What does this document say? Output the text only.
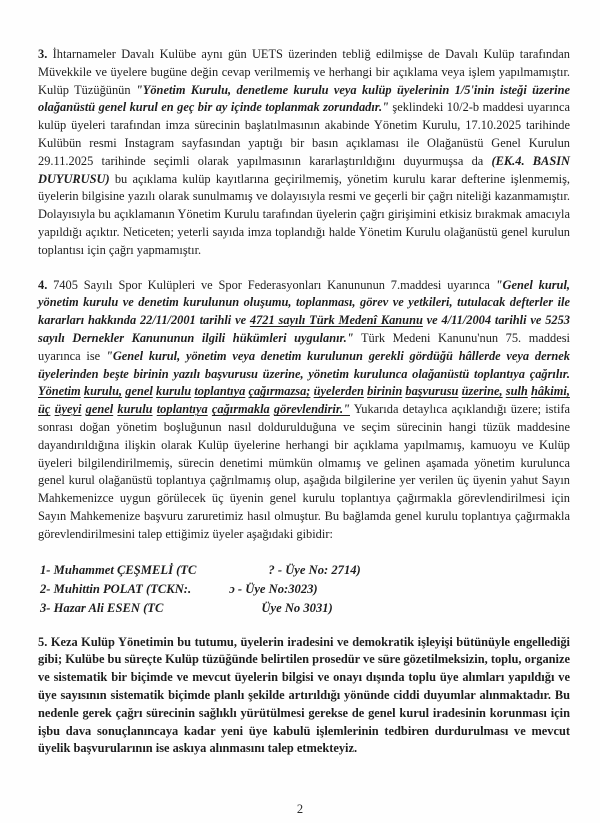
3. İhtarnameler Davalı Kulübe aynı gün UETS üzerinden tebliğ edilmişse de Davalı Kulüp tarafından Müvekkile ve üyelere bugüne değin cevap verilmemiş ve herhangi bir açıklama veya işlem yapılmamıştır. Kulüp Tüzüğünün "Yönetim Kurulu, denetleme kurulu veya kulüp üyelerinin 1/5'inin isteği üzerine olağanüstü genel kurul en geç bir ay içinde toplanmak zorundadır." şeklindeki 10/2-b maddesi uyarınca kulüp üyeleri tarafından imza sürecinin başlatılmasının akabinde Yönetim Kurulu, 17.10.2025 tarihinde Kulübün resmi Instagram sayfasından yaptığı bir basın açıklaması ile Olağanüstü Genel Kurulun 29.11.2025 tarihinde seçimli olarak yapılmasının kararlaştırıldığını duyurmuşsa da (EK.4. BASIN DUYURUSU) bu açıklama kulüp kayıtlarına geçirilmemiş, yönetim kurulu karar defterine işlenmemiş, üyelerin bilgisine yazılı olarak sunulmamış ve dolayısıyla resmi ve geçerli bir çağrı niteliği kazanmamıştır. Dolayısıyla bu açıklamanın Yönetim Kurulu tarafından üyelerin çağrı girişimini etkisiz bırakmak amacıyla yapıldığı açıktır. Neticeten; yeterli sayıda imza toplandığı halde Yönetim Kurulu olağanüstü genel kurulun toplantısı için çağrı yapmamıştır.

4. 7405 Sayılı Spor Kulüpleri ve Spor Federasyonları Kanununun 7.maddesi uyarınca "Genel kurul, yönetim kurulu ve denetim kurulunun oluşumu, toplanması, görev ve yetkileri, tutulacak defterler ile kararları hakkında 22/11/2001 tarihli ve 4721 sayılı Türk Medenî Kanunu ve 4/11/2004 tarihli ve 5253 sayılı Dernekler Kanununun ilgili hükümleri uygulanır." Türk Medeni Kanunu'nun 75. maddesi uyarınca ise "Genel kurul, yönetim veya denetim kurulunun gerekli gördüğü hâllerde veya dernek üyelerinden beşte birinin yazılı başvurusu üzerine, yönetim kurulunca olağanüstü toplantıya çağrılır. Yönetim kurulu, genel kurulu toplantıya çağırmazsa; üyelerden birinin başvurusu üzerine, sulh hâkimi, üç üyeyi genel kurulu toplantıya çağırmakla görevlendirir." Yukarıda detaylıca açıklandığı üzere; istifa sonrası doğan yönetim boşluğunun nasıl doldurulduğuna ve seçim sürecinin hangi tüzük maddesine dayandırıldığına ilişkin olarak Kulüp üyelerine herhangi bir açıklama yapılmamış, kamuoyu ve Kulüp üyeleri bilgilendirilmemiş, sürecin denetimi mümkün olmamış ve gelinen aşamada yönetim kurulunca genel kurul olağanüstü toplantıya çağrılmamış olup, aşağıda bilgilerine yer verilen üç üyenin yahut Sayın Mahkemenizce uygun görülecek üç üyenin genel kurulu toplantıya çağırmakla görevlendirilmesi için Sayın Mahkemenize başvuru zaruretimiz hasıl olmuştur. Bu bağlamda genel kurulu toplantıya çağırmakla görevlendirilmesini talep ettiğimiz üyeler aşağıdaki gibidir:

1- Muhammet ÇEŞMELİ (TC	? - Üye No: 2714)
2- Muhittin POLAT (TCKN:.	ɔ - Üye No:3023)
3- Hazar Ali ESEN (TC	Üye No 3031)

5. Keza Kulüp Yönetimin bu tutumu, üyelerin iradesini ve demokratik işleyişi bütünüyle engellediği gibi; Kulübe bu süreçte Kulüp tüzüğünde belirtilen prosedür ve süre gözetilmeksizin, toplu, organize ve sistematik bir biçimde ve mevcut üyelerin bilgisi ve onayı dışında toplu üye alımları yapıldığı ve üye sayısının sistematik biçimde planlı şekilde artırıldığı yönünde ciddi duyumlar alınmaktadır. Bu nedenle gerek çağrı sürecinin sağlıklı yürütülmesi gerekse de genel kurul iradesinin korunması için işbu dava sonuçlanıncaya kadar yeni üye kabulü işlemlerinin tedbiren durdurulması ve mevcut üyelik başvurularının ise askıya alınmasını talep etmekteyiz.

2
